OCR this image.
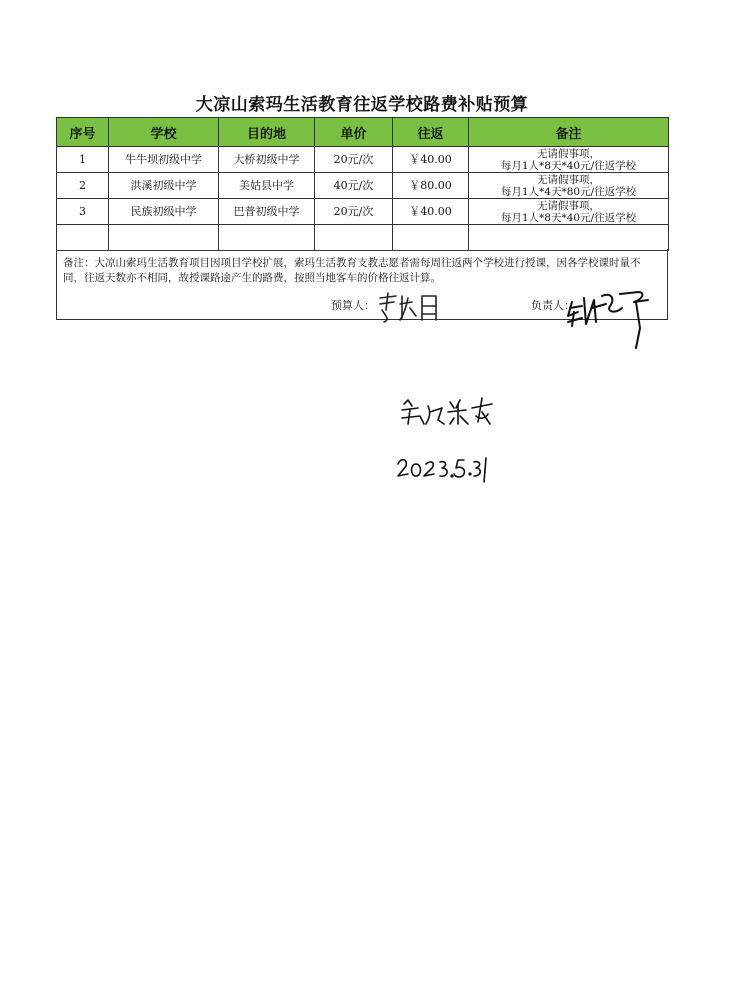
大凉山索玛生活教育往返学校路费补贴预算
序号	学校	目的地	单价	往返	备注
1	牛牛坝初级中学	大桥初级中学	20元/次	￥40.00	无请假事项，
每月1人*8天*40元/往返学校
2	洪溪初级中学	美姑县中学	40元/次	￥80.00	无请假事项，
每月1人*4天*80元/往返学校
3	民族初级中学	巴普初级中学	20元/次	￥40.00	无请假事项，
每月1人*8天*40元/往返学校

备注：大凉山索玛生活教育项目因项目学校扩展，索玛生活教育支教志愿者需每周往返两个学校进行授课，因各学校课时量不同，往返天数亦不相同，故授课路途产生的路费，按照当地客车的价格往返计算。
预算人：	负责人：
